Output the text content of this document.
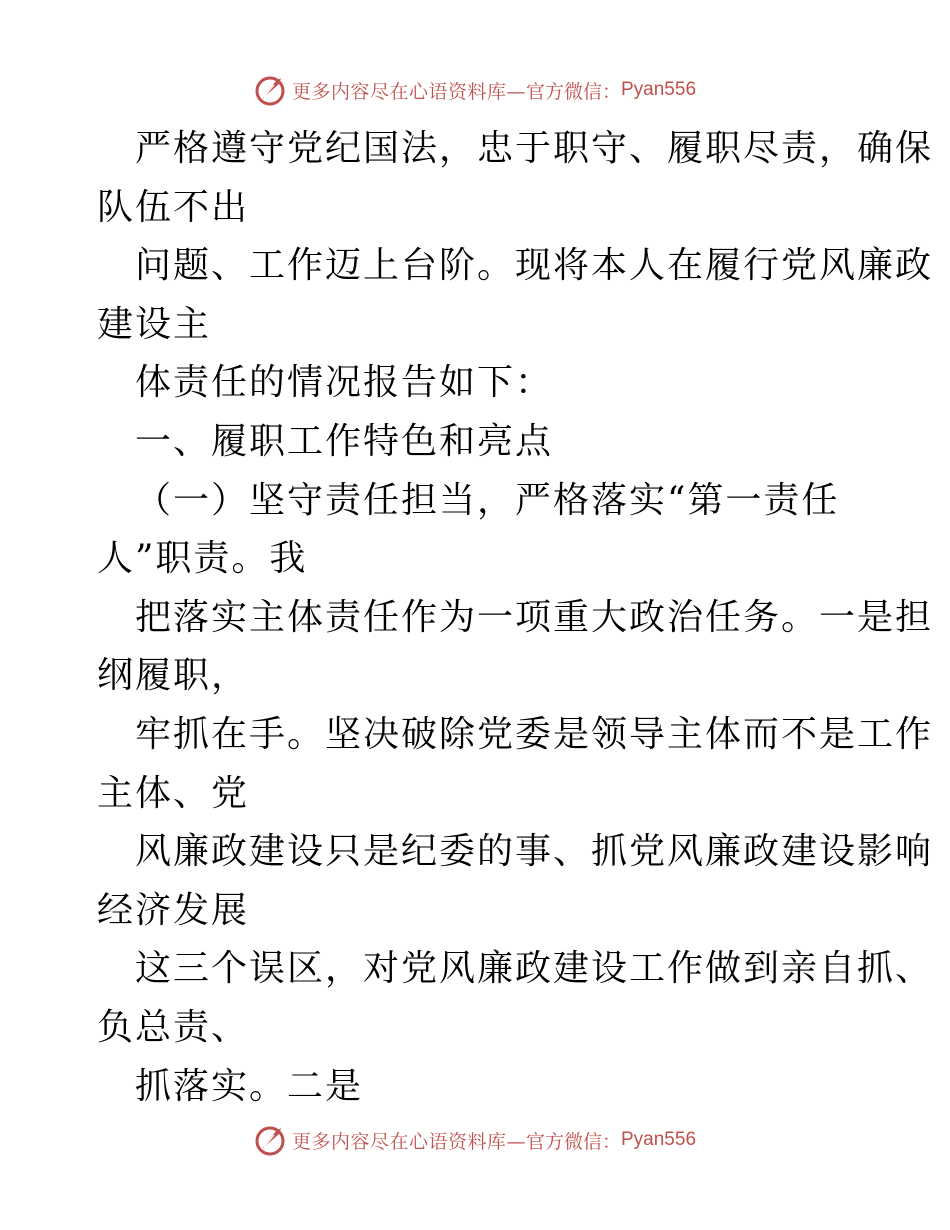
更多内容尽在心语资料库— 官方微信： Pyan556
严格遵守党纪国法，忠于职守、履职尽责，确保
队伍不出
问题、工作迈上台阶。现将本人在履行党风廉政
建设主
体责任的情况报告如下：
一、履职工作特色和亮点
（一）坚守责任担当，严格落实“第一责任
人”职责。我
把落实主体责任作为一项重大政治任务。一是担
纲履职，
牢抓在手。坚决破除党委是领导主体而不是工作
主体、党
风廉政建设只是纪委的事、抓党风廉政建设影响
经济发展
这三个误区，对党风廉政建设工作做到亲自抓、
负总责、
抓落实。二是
更多内容尽在心语资料库— 官方微信： Pyan556
